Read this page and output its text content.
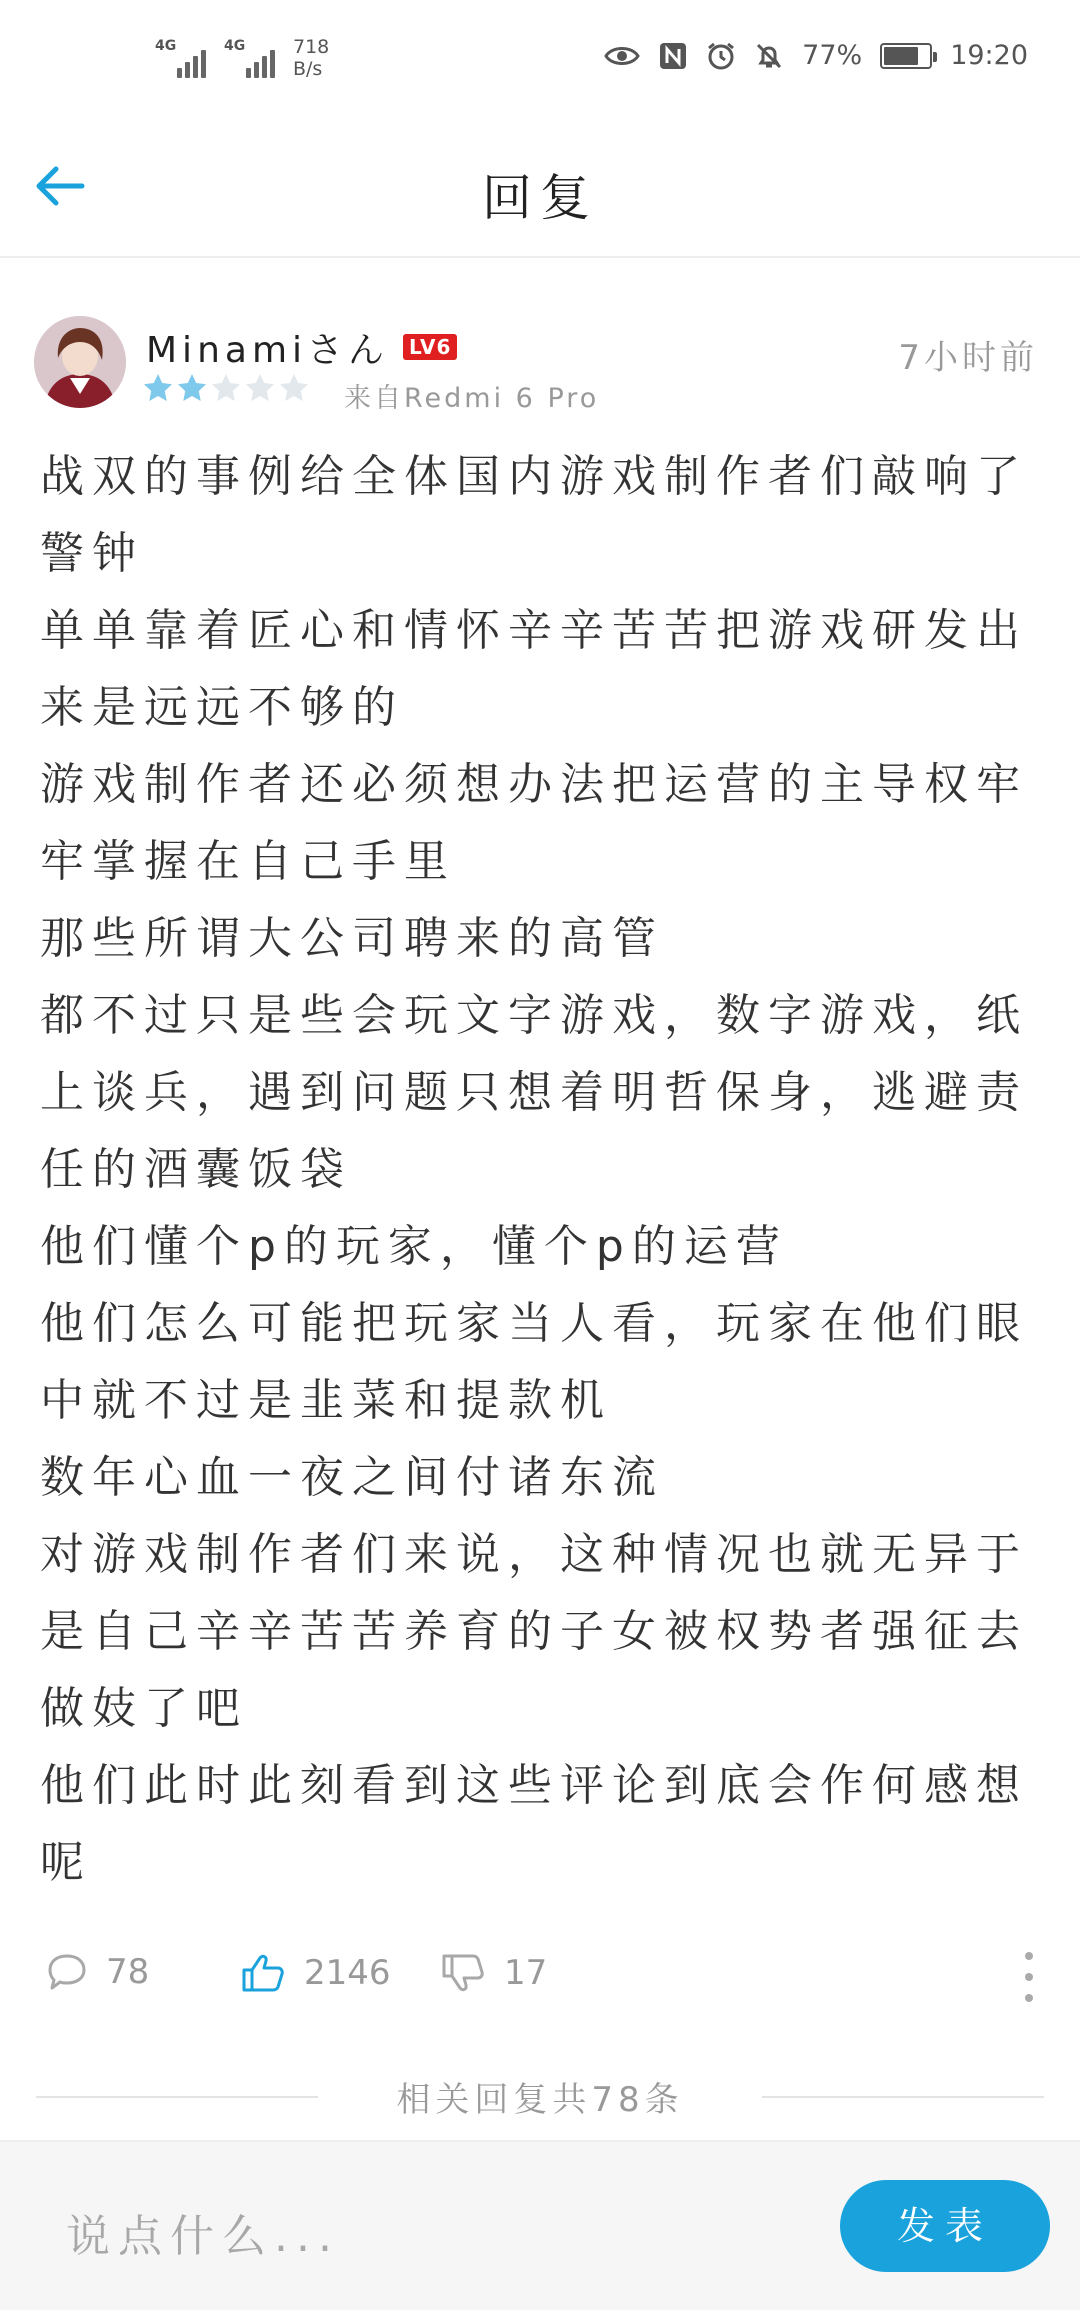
4G	4G	718
B/s	77%	19:20
回复
Minamiさん LV6	7小时前
来自Redmi 6 Pro

战双的事例给全体国内游戏制作者们敲响了警钟

单单靠着匠心和情怀辛辛苦苦把游戏研发出来是远远不够的

游戏制作者还必须想办法把运营的主导权牢牢掌握在自己手里

那些所谓大公司聘来的高管

都不过只是些会玩文字游戏，数字游戏，纸上谈兵，遇到问题只想着明哲保身，逃避责任的酒囊饭袋

他们懂个p的玩家，懂个p的运营

他们怎么可能把玩家当人看，玩家在他们眼中就不过是韭菜和提款机

数年心血一夜之间付诸东流

对游戏制作者们来说，这种情况也就无异于是自己辛辛苦苦养育的子女被权势者强征去做妓了吧

他们此时此刻看到这些评论到底会作何感想呢

78	2146	17
相关回复共78条
说点什么...	发表
